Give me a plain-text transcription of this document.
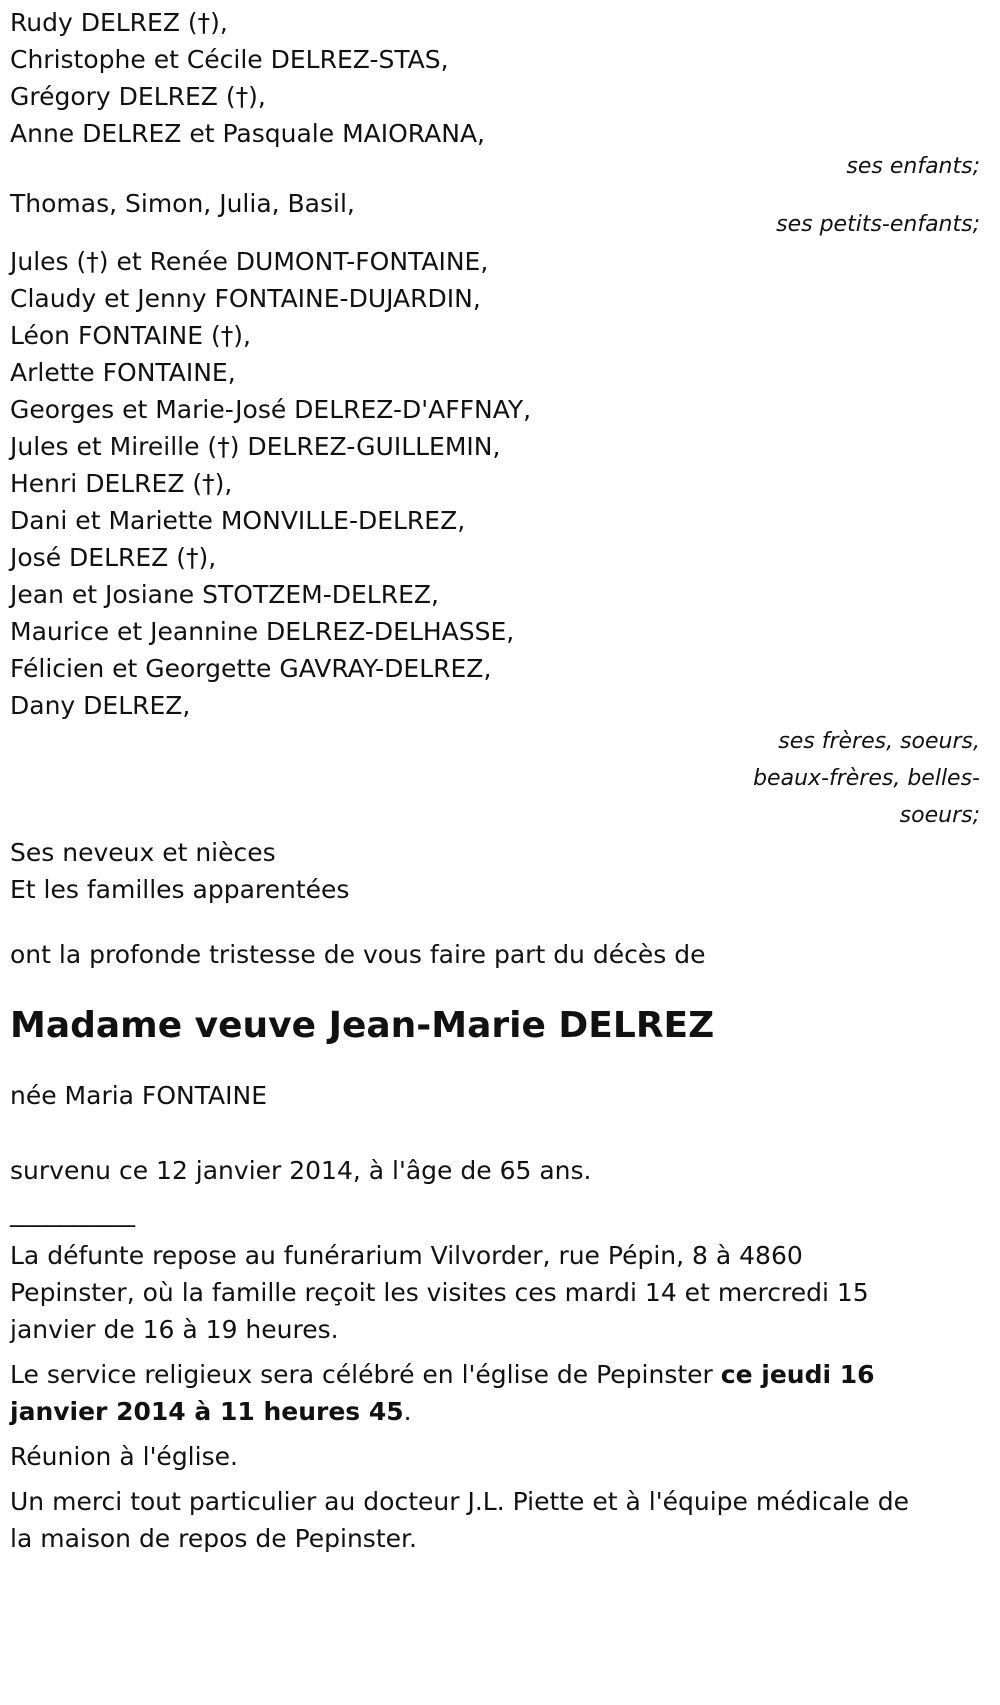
Rudy DELREZ (†),
Christophe et Cécile DELREZ-STAS,
Grégory DELREZ (†),
Anne DELREZ et Pasquale MAIORANA,
ses enfants;
Thomas, Simon, Julia, Basil,
ses petits-enfants;
Jules (†) et Renée DUMONT-FONTAINE,
Claudy et Jenny FONTAINE-DUJARDIN,
Léon FONTAINE (†),
Arlette FONTAINE,
Georges et Marie-José DELREZ-D'AFFNAY,
Jules et Mireille (†) DELREZ-GUILLEMIN,
Henri DELREZ (†),
Dani et Mariette MONVILLE-DELREZ,
José DELREZ (†),
Jean et Josiane STOTZEM-DELREZ,
Maurice et Jeannine DELREZ-DELHASSE,
Félicien et Georgette GAVRAY-DELREZ,
Dany DELREZ,
ses frères, soeurs,
beaux-frères, belles-
soeurs;
Ses neveux et nièces
Et les familles apparentées
ont la profonde tristesse de vous faire part du décès de
Madame veuve Jean-Marie DELREZ
née Maria FONTAINE
survenu ce 12 janvier 2014, à l'âge de 65 ans.
__________

La défunte repose au funérarium Vilvorder, rue Pépin, 8 à 4860 Pepinster, où la famille reçoit les visites ces mardi 14 et mercredi 15 janvier de 16 à 19 heures.

Le service religieux sera célébré en l'église de Pepinster ce jeudi 16 janvier 2014 à 11 heures 45.

Réunion à l'église.

Un merci tout particulier au docteur J.L. Piette et à l'équipe médicale de la maison de repos de Pepinster.
